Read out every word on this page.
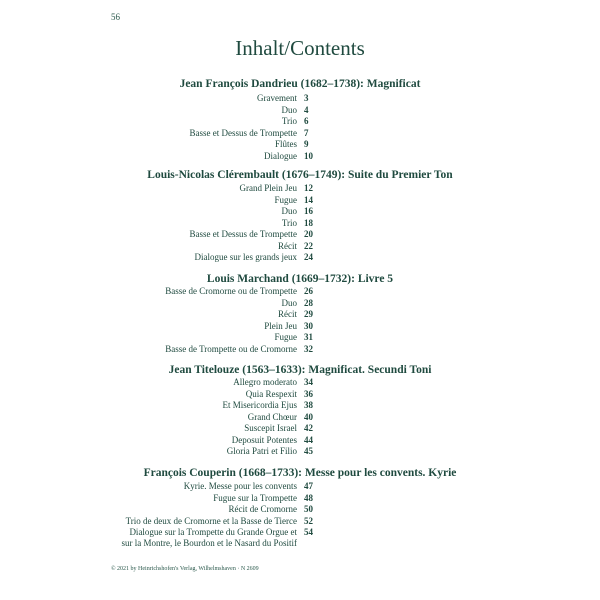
56
Inhalt/Contents
Jean François Dandrieu (1682–1738): Magnificat
Gravement 3
Duo 4
Trio 6
Basse et Dessus de Trompette 7
Flûtes 9
Dialogue 10
Louis-Nicolas Clérembault (1676–1749): Suite du Premier Ton
Grand Plein Jeu 12
Fugue 14
Duo 16
Trio 18
Basse et Dessus de Trompette 20
Récit 22
Dialogue sur les grands jeux 24
Louis Marchand (1669–1732): Livre 5
Basse de Cromorne ou de Trompette 26
Duo 28
Récit 29
Plein Jeu 30
Fugue 31
Basse de Trompette ou de Cromorne 32
Jean Titelouze (1563–1633): Magnificat. Secundi Toni
Allegro moderato 34
Quia Respexit 36
Et Misericordia Ejus 38
Grand Chœur 40
Suscepit Israel 42
Deposuit Potentes 44
Gloria Patri et Filio 45
François Couperin (1668–1733): Messe pour les convents. Kyrie
Kyrie. Messe pour les convents 47
Fugue sur la Trompette 48
Récit de Cromorne 50
Trio de deux de Cromorne et la Basse de Tierce 52
Dialogue sur la Trompette du Grande Orgue et
sur la Montre, le Bourdon et le Nasard du Positif
54
© 2021 by Heinrichshofen's Verlag, Wilhelmshaven · N 2609
